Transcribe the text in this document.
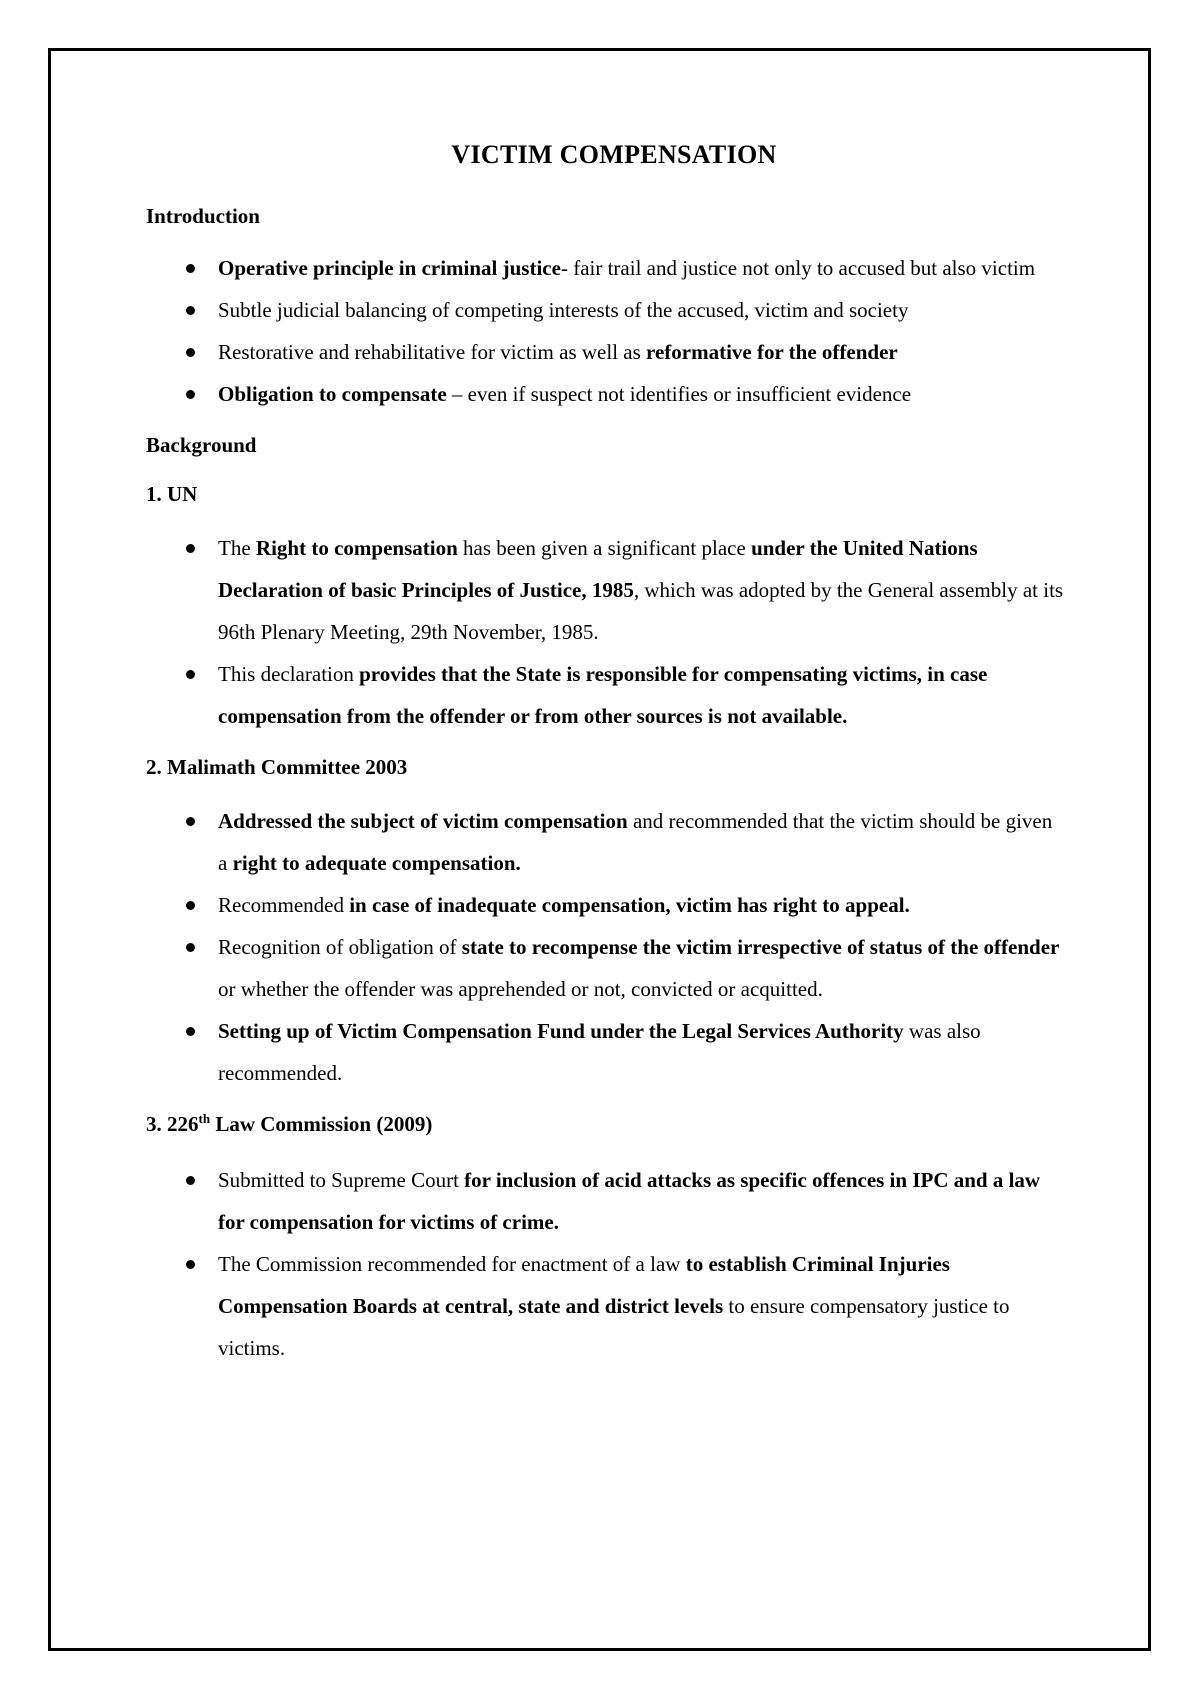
VICTIM COMPENSATION
Introduction
Operative principle in criminal justice- fair trail and justice not only to accused but also victim
Subtle judicial balancing of competing interests of the accused, victim and society
Restorative and rehabilitative for victim as well as reformative for the offender
Obligation to compensate – even if suspect not identifies or insufficient evidence
Background
1. UN
The Right to compensation has been given a significant place under the United Nations Declaration of basic Principles of Justice, 1985, which was adopted by the General assembly at its 96th Plenary Meeting, 29th November, 1985.
This declaration provides that the State is responsible for compensating victims, in case compensation from the offender or from other sources is not available.
2. Malimath Committee 2003
Addressed the subject of victim compensation and recommended that the victim should be given a right to adequate compensation.
Recommended in case of inadequate compensation, victim has right to appeal.
Recognition of obligation of state to recompense the victim irrespective of status of the offender or whether the offender was apprehended or not, convicted or acquitted.
Setting up of Victim Compensation Fund under the Legal Services Authority was also recommended.
3. 226th Law Commission (2009)
Submitted to Supreme Court for inclusion of acid attacks as specific offences in IPC and a law for compensation for victims of crime.
The Commission recommended for enactment of a law to establish Criminal Injuries Compensation Boards at central, state and district levels to ensure compensatory justice to victims.
